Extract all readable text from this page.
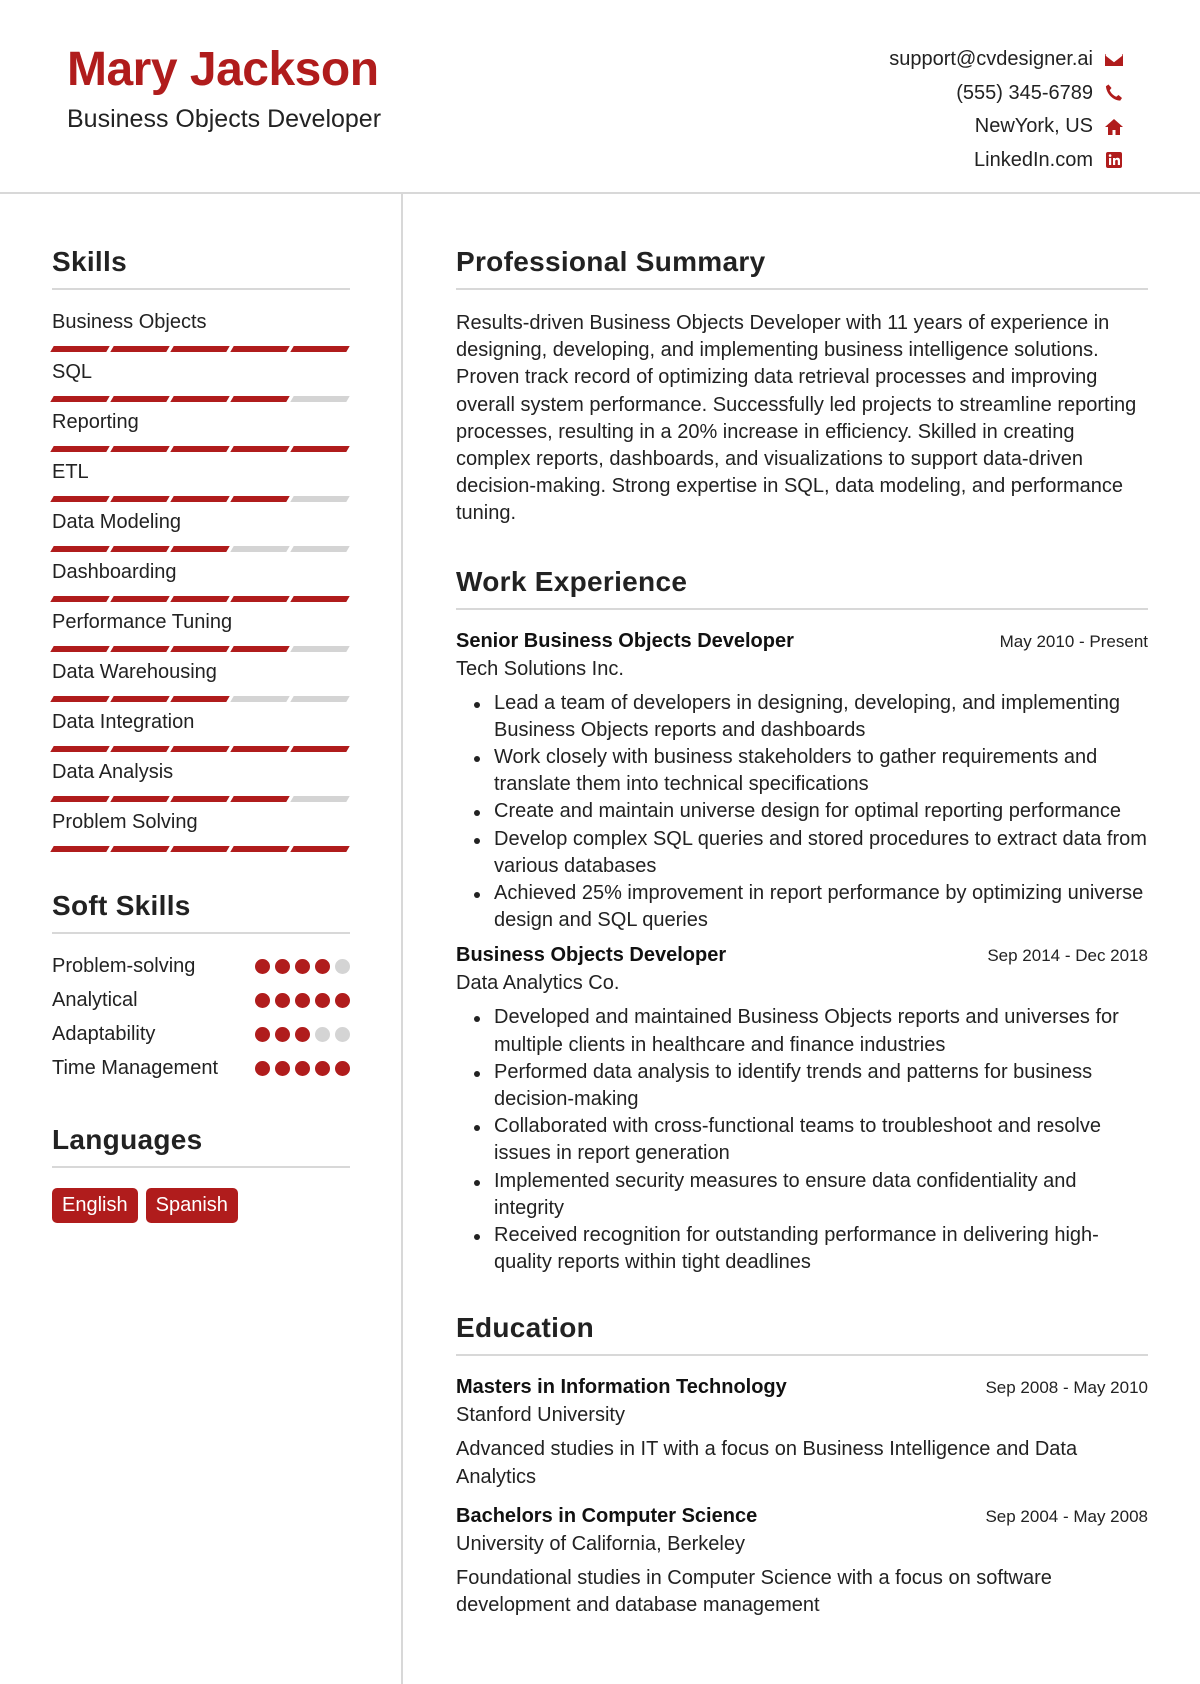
Mary Jackson
Business Objects Developer
support@cvdesigner.ai
(555) 345-6789
NewYork, US
LinkedIn.com
Skills
Business Objects
SQL
Reporting
ETL
Data Modeling
Dashboarding
Performance Tuning
Data Warehousing
Data Integration
Data Analysis
Problem Solving
Soft Skills
Problem-solving
Analytical
Adaptability
Time Management
Languages
English	Spanish
Professional Summary

Results-driven Business Objects Developer with 11 years of experience in designing, developing, and implementing business intelligence solutions. Proven track record of optimizing data retrieval processes and improving overall system performance. Successfully led projects to streamline reporting processes, resulting in a 20% increase in efficiency. Skilled in creating complex reports, dashboards, and visualizations to support data-driven decision-making. Strong expertise in SQL, data modeling, and performance tuning.

Work Experience
Senior Business Objects Developer	May 2010 - Present
Tech Solutions Inc.
Lead a team of developers in designing, developing, and implementing Business Objects reports and dashboards
Work closely with business stakeholders to gather requirements and translate them into technical specifications
Create and maintain universe design for optimal reporting performance
Develop complex SQL queries and stored procedures to extract data from various databases
Achieved 25% improvement in report performance by optimizing universe design and SQL queries
Business Objects Developer	Sep 2014 - Dec 2018
Data Analytics Co.
Developed and maintained Business Objects reports and universes for multiple clients in healthcare and finance industries
Performed data analysis to identify trends and patterns for business decision-making
Collaborated with cross-functional teams to troubleshoot and resolve issues in report generation
Implemented security measures to ensure data confidentiality and integrity
Received recognition for outstanding performance in delivering high-quality reports within tight deadlines
Education
Masters in Information Technology	Sep 2008 - May 2010
Stanford University
Advanced studies in IT with a focus on Business Intelligence and Data Analytics
Bachelors in Computer Science	Sep 2004 - May 2008
University of California, Berkeley
Foundational studies in Computer Science with a focus on software development and database management
